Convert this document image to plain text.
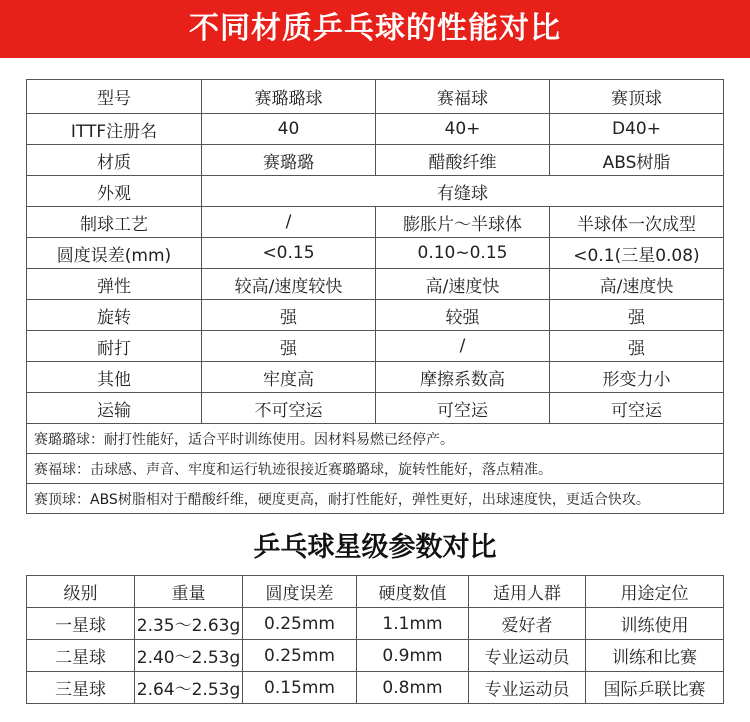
不同材质乒乓球的性能对比
型号	赛璐璐球	赛福球	赛顶球
ITTF注册名	40	40+	D40+
材质	赛璐璐	醋酸纤维	ABS树脂
外观	有缝球		
制球工艺	/	膨胀片～半球体	半球体一次成型
圆度误差(mm)	<0.15	0.10~0.15	<0.1(三星0.08)
弹性	较高/速度较快	高/速度快	高/速度快
旋转	强	较强	强
耐打	强	/	强
其他	牢度高	摩擦系数高	形变力小
运输	不可空运	可空运	可空运
赛璐璐球：耐打性能好，适合平时训练使用。因材料易燃已经停产。			
赛福球：击球感、声音、牢度和运行轨迹很接近赛璐璐球，旋转性能好，落点精准。			
赛顶球：ABS树脂相对于醋酸纤维，硬度更高，耐打性能好，弹性更好，出球速度快，更适合快攻。			
乒乓球星级参数对比
级别	重量	圆度误差	硬度数值	适用人群	用途定位
一星球	2.35～2.63g	0.25mm	1.1mm	爱好者	训练使用
二星球	2.40～2.53g	0.25mm	0.9mm	专业运动员	训练和比赛
三星球	2.64～2.53g	0.15mm	0.8mm	专业运动员	国际乒联比赛
